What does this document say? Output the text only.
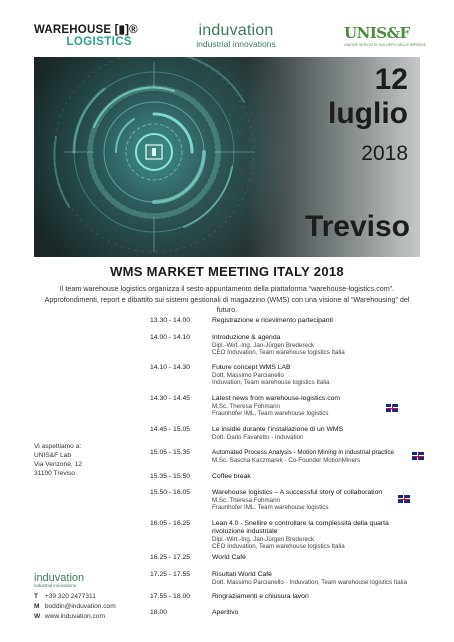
WAREHOUSE [▮]®
LOGISTICS
induvation
industrial innovations
UNIS&F
UNIONE SERVIZI DI SVILUPPO DELLE IMPRESE
12
luglio
2018
Treviso
WMS MARKET MEETING ITALY 2018
Il team warehouse logistics organizza il sesto appuntamento della piattaforma “warehouse-logistics.com”. Approfondimenti, report e dibattito sui sistemi gestionali di magazzino (WMS) con una visione al “Warehousing” del futuro.
13.30 - 14.00	Registrazione e ricevimento partecipanti
14.00 - 14.10	Introduzione & agenda
Dipl.-Wirt.-Ing. Jan-Jürgen Bredereck
CEO Induvation, Team warehouse logistics Italia
14.10 - 14.30	Future concept WMS LAB
Dott. Massimo Parcianello
Induvation, Team warehouse logistics Italia
14.30 - 14.45	Latest news from warehouse-logistics.com
M.Sc. Theresa Fohmann
Fraunhofer IML, Team warehouse logistics
14.45 - 15.05	Le insidie durante l’installazione di un WMS
Dott. Dario Favaretto - Induvation
15.05 - 15.35	Automated Process Analysis - Motion Mining in industrial practice
M.Sc. Sascha Kaczmarek - Co-Founder MotionMiners
15.35 - 15.50	Coffee break
15.50 - 16.05	Warehouse logistics – A successful story of collaboration
M.Sc. Theresa Fohmann
Fraunhofer IML, Team warehouse logistics
16.05 - 16.25	Lean 4.0 - Snellire e controllare la complessità della quarta rivoluzione industriale
Dipl.-Wirt.-Ing. Jan-Jürgen Bredereck
CEO Induvation, Team warehouse logistics Italia
16.25 - 17.25	World Café
17.25 - 17.55	Risultati World Café
Dott. Massimo Parcianello - Induvation, Team warehouse logistics Italia
17.55 - 18.00	Ringraziamenti e chiusura lavori
18.00	Aperitivo
Vi aspettiamo a:
UNIS&F Lab
Via Venzone, 12
31100 Treviso
induvation
industrial innovations
T +39 320 2477311
M boddin@induvation.com
W www.induvation.com
